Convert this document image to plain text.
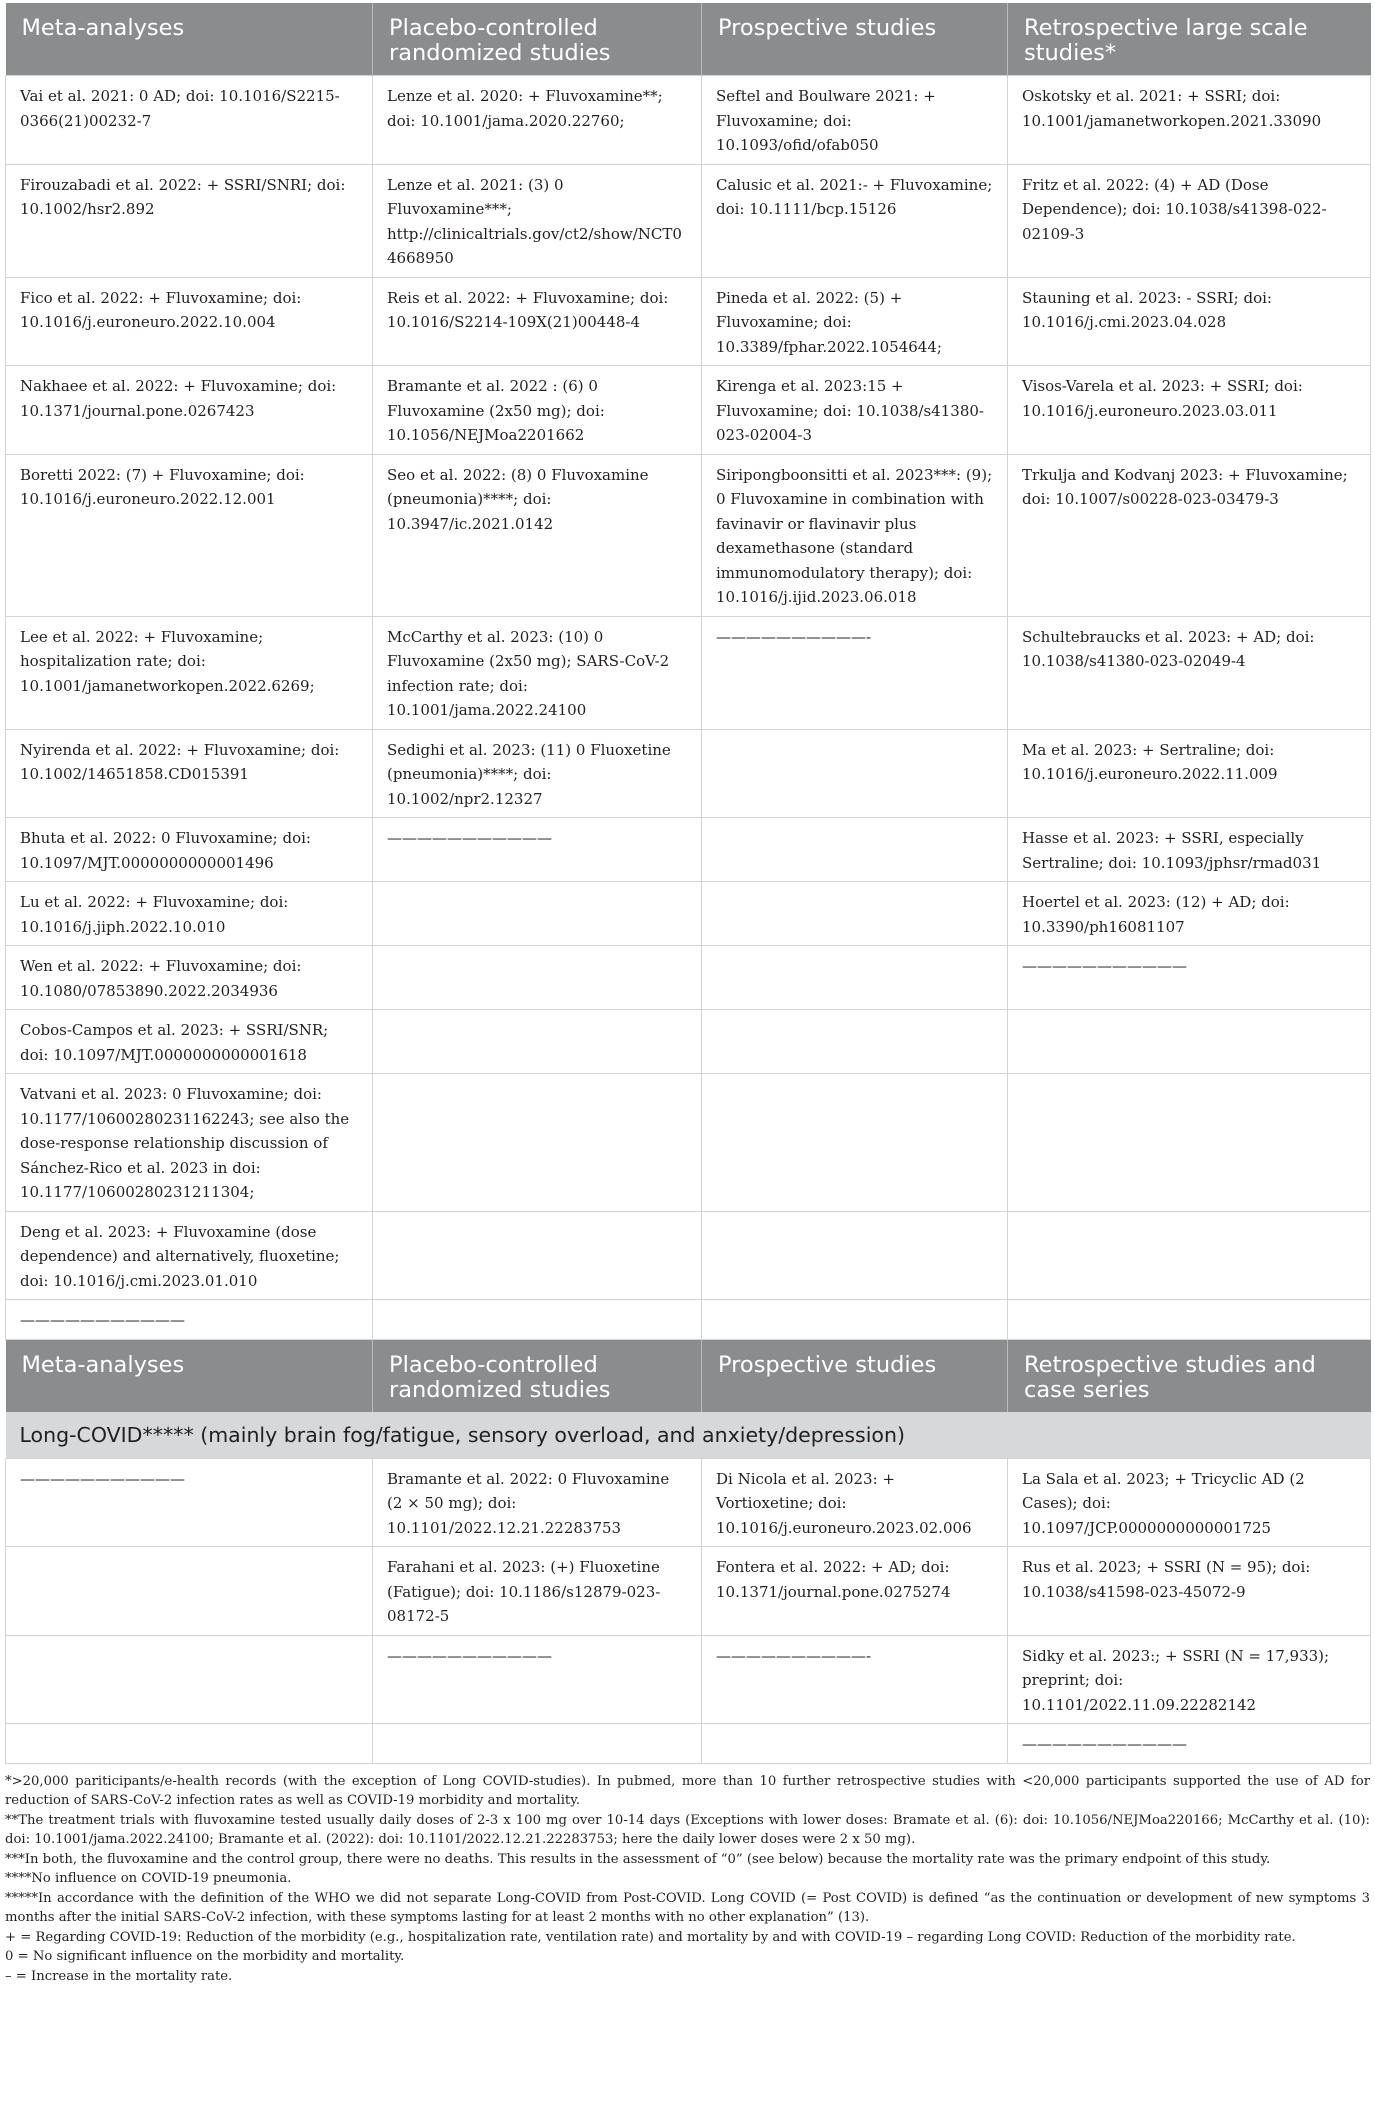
Meta-analyses	Placebo-controlled randomized studies	Prospective studies	Retrospective large scale studies*
Vai et al. 2021: 0 AD; doi: 10.1016/S2215-0366(21)00232-7	Lenze et al. 2020: + Fluvoxamine**; doi: 10.1001/jama.2020.22760;	Seftel and Boulware 2021: + Fluvoxamine; doi: 10.1093/ofid/ofab050	Oskotsky et al. 2021: + SSRI; doi: 10.1001/jamanetworkopen.2021.33090
Firouzabadi et al. 2022: + SSRI/SNRI; doi: 10.1002/hsr2.892	Lenze et al. 2021: (3) 0 Fluvoxamine***; http://clinicaltrials.gov/ct2/show/NCT04668950	Calusic et al. 2021:- + Fluvoxamine; doi: 10.1111/bcp.15126	Fritz et al. 2022: (4) + AD (Dose Dependence); doi: 10.1038/s41398-022-02109-3
Fico et al. 2022: + Fluvoxamine; doi: 10.1016/j.euroneuro.2022.10.004	Reis et al. 2022: + Fluvoxamine; doi: 10.1016/S2214-109X(21)00448-4	Pineda et al. 2022: (5) + Fluvoxamine; doi: 10.3389/fphar.2022.1054644;	Stauning et al. 2023: - SSRI; doi: 10.1016/j.cmi.2023.04.028
Nakhaee et al. 2022: + Fluvoxamine; doi: 10.1371/journal.pone.0267423	Bramante et al. 2022 : (6) 0 Fluvoxamine (2x50 mg); doi: 10.1056/NEJMoa2201662	Kirenga et al. 2023:15 + Fluvoxamine; doi: 10.1038/s41380-023-02004-3	Visos-Varela et al. 2023: + SSRI; doi: 10.1016/j.euroneuro.2023.03.011
Boretti 2022: (7) + Fluvoxamine; doi: 10.1016/j.euroneuro.2022.12.001	Seo et al. 2022: (8) 0 Fluvoxamine (pneumonia)****; doi: 10.3947/ic.2021.0142	Siripongboonsitti et al. 2023***: (9); 0 Fluvoxamine in combination with favinavir or flavinavir plus dexamethasone (standard immunomodulatory therapy); doi: 10.1016/j.ijid.2023.06.018	Trkulja and Kodvanj 2023: + Fluvoxamine; doi: 10.1007/s00228-023-03479-3
Lee et al. 2022: + Fluvoxamine; hospitalization rate; doi: 10.1001/jamanetworkopen.2022.6269;	McCarthy et al. 2023: (10) 0 Fluvoxamine (2x50 mg); SARS-CoV-2 infection rate; doi: 10.1001/jama.2022.24100	——————————-	Schultebraucks et al. 2023: + AD; doi: 10.1038/s41380-023-02049-4
Nyirenda et al. 2022: + Fluvoxamine; doi: 10.1002/14651858.CD015391	Sedighi et al. 2023: (11) 0 Fluoxetine (pneumonia)****; doi: 10.1002/npr2.12327		Ma et al. 2023: + Sertraline; doi: 10.1016/j.euroneuro.2022.11.009
Bhuta et al. 2022: 0 Fluvoxamine; doi: 10.1097/MJT.0000000000001496	———————————		Hasse et al. 2023: + SSRI, especially Sertraline; doi: 10.1093/jphsr/rmad031
Lu et al. 2022: + Fluvoxamine; doi: 10.1016/j.jiph.2022.10.010			Hoertel et al. 2023: (12) + AD; doi: 10.3390/ph16081107
Wen et al. 2022: + Fluvoxamine; doi: 10.1080/07853890.2022.2034936			———————————
Cobos-Campos et al. 2023: + SSRI/SNR; doi: 10.1097/MJT.0000000000001618			
Vatvani et al. 2023: 0 Fluvoxamine; doi: 10.1177/10600280231162243; see also the dose-response relationship discussion of Sánchez-Rico et al. 2023 in doi: 10.1177/10600280231211304;			
Deng et al. 2023: + Fluvoxamine (dose dependence) and alternatively, fluoxetine; doi: 10.1016/j.cmi.2023.01.010			
———————————			
Meta-analyses	Placebo-controlled randomized studies	Prospective studies	Retrospective studies and case series
Long-COVID***** (mainly brain fog/fatigue, sensory overload, and anxiety/depression)			
———————————	Bramante et al. 2022: 0 Fluvoxamine (2 × 50 mg); doi: 10.1101/2022.12.21.22283753	Di Nicola et al. 2023: + Vortioxetine; doi: 10.1016/j.euroneuro.2023.02.006	La Sala et al. 2023; + Tricyclic AD (2 Cases); doi: 10.1097/JCP.0000000000001725
	Farahani et al. 2023: (+) Fluoxetine (Fatigue); doi: 10.1186/s12879-023-08172-5	Fontera et al. 2022: + AD; doi: 10.1371/journal.pone.0275274	Rus et al. 2023; + SSRI (N = 95); doi: 10.1038/s41598-023-45072-9
	———————————	——————————-	Sidky et al. 2023:; + SSRI (N = 17,933); preprint; doi: 10.1101/2022.11.09.22282142
			———————————

*>20,000 pariticipants/e-health records (with the exception of Long COVID-studies). In pubmed, more than 10 further retrospective studies with <20,000 participants supported the use of AD for reduction of SARS-CoV-2 infection rates as well as COVID-19 morbidity and mortality.

**The treatment trials with fluvoxamine tested usually daily doses of 2-3 x 100 mg over 10-14 days (Exceptions with lower doses: Bramate et al. (6): doi: 10.1056/NEJMoa220166; McCarthy et al. (10): doi: 10.1001/jama.2022.24100; Bramante et al. (2022): doi: 10.1101/2022.12.21.22283753; here the daily lower doses were 2 x 50 mg).

***In both, the fluvoxamine and the control group, there were no deaths. This results in the assessment of “0” (see below) because the mortality rate was the primary endpoint of this study.

****No influence on COVID-19 pneumonia.

*****In accordance with the definition of the WHO we did not separate Long-COVID from Post-COVID. Long COVID (= Post COVID) is defined “as the continuation or development of new symptoms 3 months after the initial SARS-CoV-2 infection, with these symptoms lasting for at least 2 months with no other explanation” (13).

+ = Regarding COVID-19: Reduction of the morbidity (e.g., hospitalization rate, ventilation rate) and mortality by and with COVID-19 – regarding Long COVID: Reduction of the morbidity rate.

0 = No significant influence on the morbidity and mortality.

– = Increase in the mortality rate.
